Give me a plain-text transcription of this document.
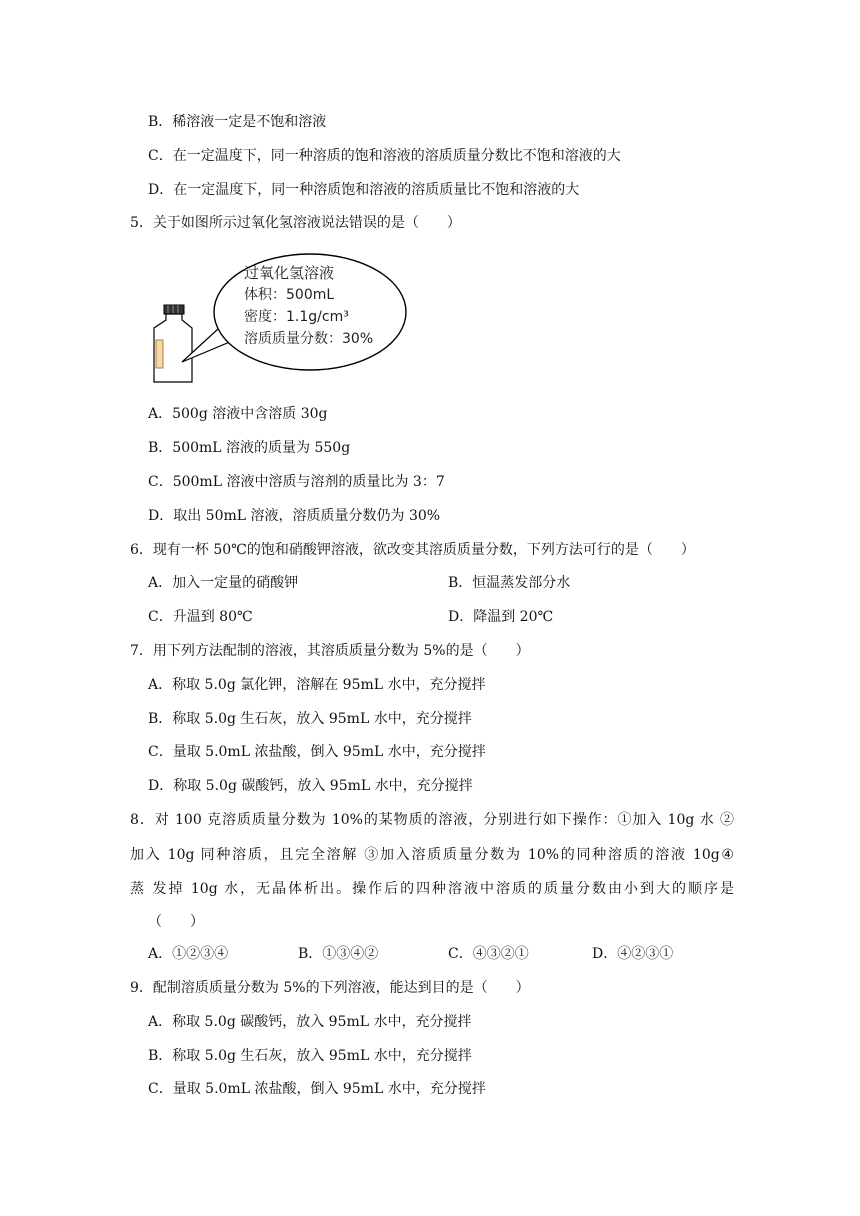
B．稀溶液一定是不饱和溶液
C．在一定温度下，同一种溶质的饱和溶液的溶质质量分数比不饱和溶液的大
D．在一定温度下，同一种溶质饱和溶液的溶质质量比不饱和溶液的大
5．关于如图所示过氧化氢溶液说法错误的是（　　）
过氧化氢溶液
体积：500mL
密度：1.1g/cm³
溶质质量分数：30%
A．500g 溶液中含溶质 30g
B．500mL 溶液的质量为 550g
C．500mL 溶液中溶质与溶剂的质量比为 3：7
D．取出 50mL 溶液，溶质质量分数仍为 30%
6．现有一杯 50℃的饱和硝酸钾溶液，欲改变其溶质质量分数，下列方法可行的是（　　）
A．加入一定量的硝酸钾	B．恒温蒸发部分水
C．升温到 80℃	D．降温到 20℃
7．用下列方法配制的溶液，其溶质质量分数为 5%的是（　　）
A．称取 5.0g 氯化钾，溶解在 95mL 水中，充分搅拌
B．称取 5.0g 生石灰，放入 95mL 水中，充分搅拌
C．量取 5.0mL 浓盐酸，倒入 95mL 水中，充分搅拌
D．称取 5.0g 碳酸钙，放入 95mL 水中，充分搅拌
8．对 100 克溶质质量分数为 10%的某物质的溶液，分别进行如下操作：①加入 10g 水 ②
加入 10g 同种溶质，且完全溶解 ③加入溶质质量分数为 10%的同种溶质的溶液 10g④
蒸 发掉 10g 水，无晶体析出。操作后的四种溶液中溶质的质量分数由小到大的顺序是
（　　）
A．①②③④	B．①③④②	C．④③②①	D．④②③①
9．配制溶质质量分数为 5%的下列溶液，能达到目的是（　　）
A．称取 5.0g 碳酸钙，放入 95mL 水中，充分搅拌
B．称取 5.0g 生石灰，放入 95mL 水中，充分搅拌
C．量取 5.0mL 浓盐酸，倒入 95mL 水中，充分搅拌
